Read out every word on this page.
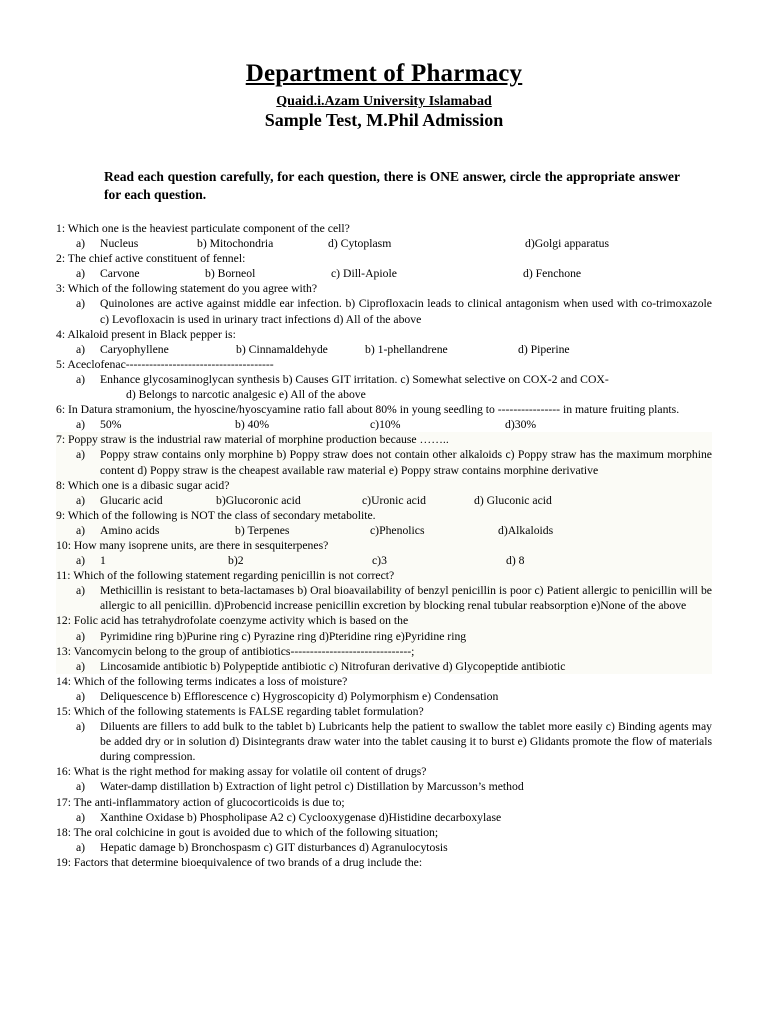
Department of Pharmacy
Quaid.i.Azam University Islamabad
Sample Test, M.Phil Admission
Read each question carefully, for each question, there is ONE answer, circle the appropriate answer for each question.
1: Which one is the heaviest particulate component of the cell?
a) Nucleus	b) Mitochondria	d) Cytoplasm	d)Golgi apparatus
2: The chief active constituent of fennel:
a) Carvone	b) Borneol	c) Dill-Apiole	d) Fenchone
3: Which of the following statement do you agree with?
a) Quinolones are active against middle ear infection. b) Ciprofloxacin leads to clinical antagonism when used with co-trimoxazole c) Levofloxacin is used in urinary tract infections d) All of the above
4: Alkaloid present in Black pepper is:
a) Caryophyllene	b) Cinnamaldehyde	b) 1-phellandrene	d) Piperine
5: Aceclofenac--------------------------------------
a) Enhance glycosaminoglycan synthesis b) Causes GIT irritation. c) Somewhat selective on COX-2 and COX-
d) Belongs to narcotic analgesic e) All of the above
6: In Datura stramonium, the hyoscine/hyoscyamine ratio fall about 80% in young seedling to ---------------- in mature fruiting plants.
a) 50%	b) 40%	c)10%	d)30%
7: Poppy straw is the industrial raw material of morphine production because ……..
a) Poppy straw contains only morphine b) Poppy straw does not contain other alkaloids c) Poppy straw has the maximum morphine content d) Poppy straw is the cheapest available raw material e) Poppy straw contains morphine derivative
8: Which one is a dibasic sugar acid?
a) Glucaric acid	b)Glucoronic acid	c)Uronic acid	d) Gluconic acid
9: Which of the following is NOT the class of secondary metabolite.
a) Amino acids	b) Terpenes	c)Phenolics	d)Alkaloids
10: How many isoprene units, are there in sesquiterpenes?
a) 1	b)2	c)3	d) 8
11: Which of the following statement regarding penicillin is not correct?
a) Methicillin is resistant to beta-lactamases b) Oral bioavailability of benzyl penicillin is poor c) Patient allergic to penicillin will be allergic to all penicillin. d)Probencid increase penicillin excretion by blocking renal tubular reabsorption e)None of the above
12: Folic acid has tetrahydrofolate coenzyme activity which is based on the
a) Pyrimidine ring b)Purine ring c) Pyrazine ring d)Pteridine ring e)Pyridine ring
13: Vancomycin belong to the group of antibiotics-------------------------------;
a) Lincosamide antibiotic b) Polypeptide antibiotic c) Nitrofuran derivative d) Glycopeptide antibiotic
14: Which of the following terms indicates a loss of moisture?
a) Deliquescence b) Efflorescence c) Hygroscopicity d) Polymorphism e) Condensation
15: Which of the following statements is FALSE regarding tablet formulation?
a) Diluents are fillers to add bulk to the tablet b) Lubricants help the patient to swallow the tablet more easily c) Binding agents may be added dry or in solution d) Disintegrants draw water into the tablet causing it to burst e) Glidants promote the flow of materials during compression.
16: What is the right method for making assay for volatile oil content of drugs?
a) Water-damp distillation b) Extraction of light petrol c) Distillation by Marcusson’s method
17: The anti-inflammatory action of glucocorticoids is due to;
a) Xanthine Oxidase b) Phospholipase A2 c) Cyclooxygenase d)Histidine decarboxylase
18: The oral colchicine in gout is avoided due to which of the following situation;
a) Hepatic damage b) Bronchospasm c) GIT disturbances d) Agranulocytosis
19: Factors that determine bioequivalence of two brands of a drug include the:
